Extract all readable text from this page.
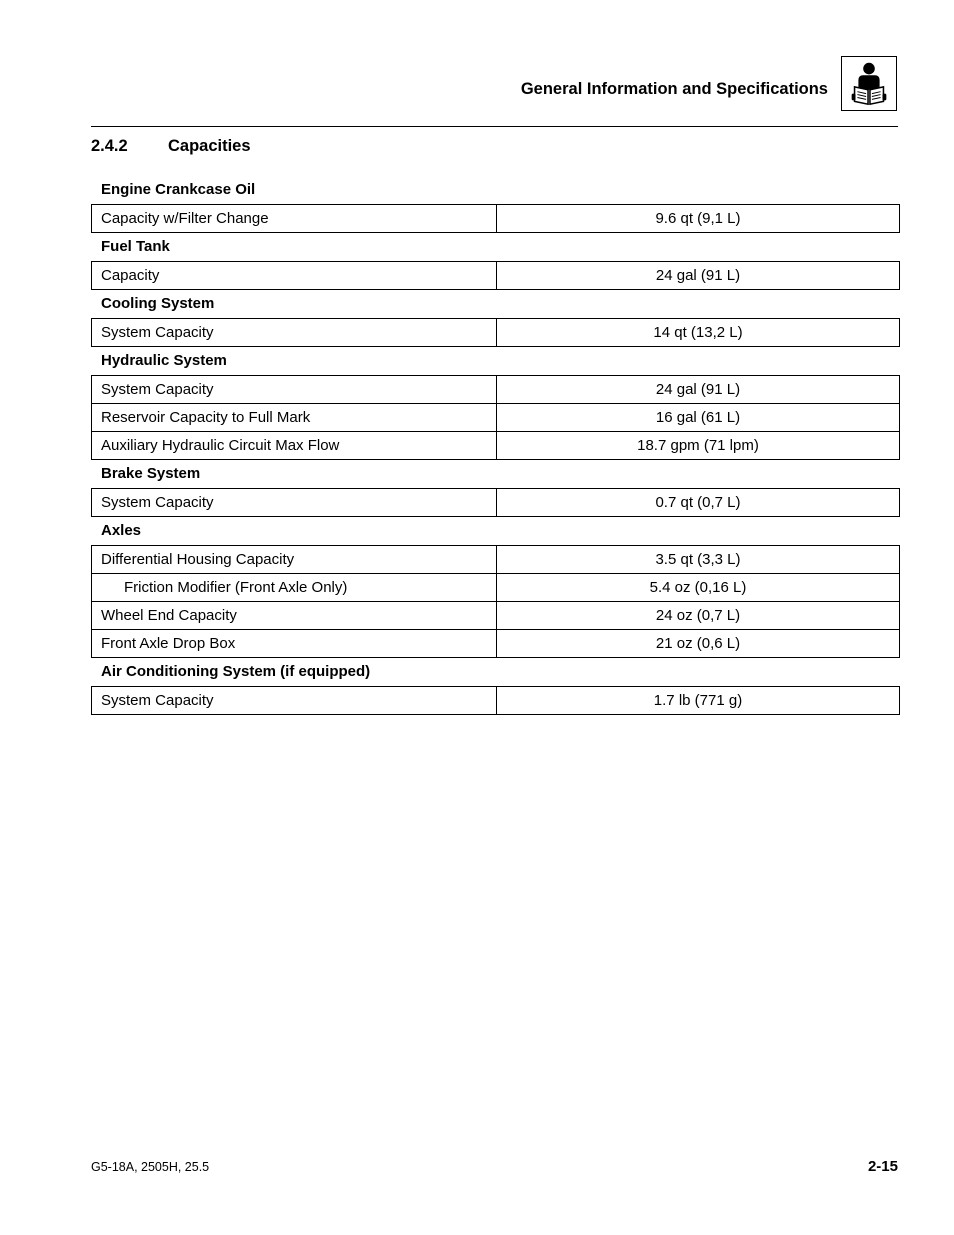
General Information and Specifications
2.4.2 Capacities
Engine Crankcase Oil
Capacity w/Filter Change	9.6 qt (9,1 L)
Fuel Tank
Capacity	24 gal (91 L)
Cooling System
System Capacity	14 qt (13,2 L)
Hydraulic System
System Capacity	24 gal (91 L)
Reservoir Capacity to Full Mark	16 gal (61 L)
Auxiliary Hydraulic Circuit Max Flow	18.7 gpm (71 lpm)
Brake System
System Capacity	0.7 qt (0,7 L)
Axles
Differential Housing Capacity	3.5 qt (3,3 L)
Friction Modifier (Front Axle Only)	5.4 oz (0,16 L)
Wheel End Capacity	24 oz (0,7 L)
Front Axle Drop Box	21 oz (0,6 L)
Air Conditioning System (if equipped)
System Capacity	1.7 lb (771 g)
G5-18A, 2505H, 25.5	2-15
